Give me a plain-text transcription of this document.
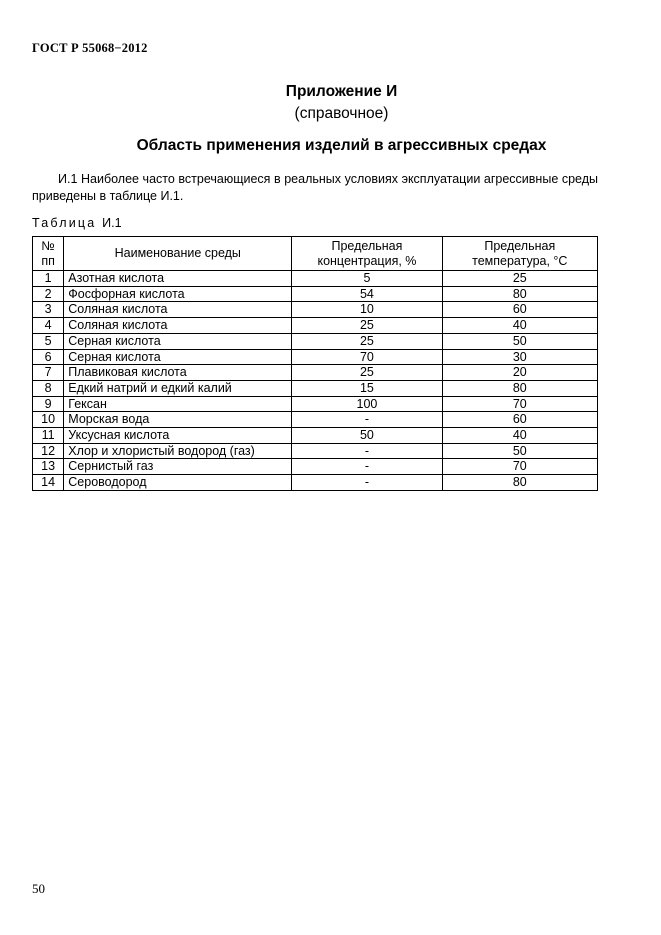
ГОСТ Р 55068−2012
Приложение И
(справочное)
Область применения изделий в агрессивных средах
И.1 Наиболее часто встречающиеся в реальных условиях эксплуатации агрессивные среды приведены в таблице И.1.
Таблица И.1
№ пп	Наименование среды	Предельная концентрация, %	Предельная температура, °С
1	Азотная кислота	5	25
2	Фосфорная кислота	54	80
3	Соляная кислота	10	60
4	Соляная кислота	25	40
5	Серная кислота	25	50
6	Серная кислота	70	30
7	Плавиковая кислота	25	20
8	Едкий натрий и едкий калий	15	80
9	Гексан	100	70
10	Морская вода	-	60
11	Уксусная кислота	50	40
12	Хлор и хлористый водород (газ)	-	50
13	Сернистый газ	-	70
14	Сероводород	-	80
50
